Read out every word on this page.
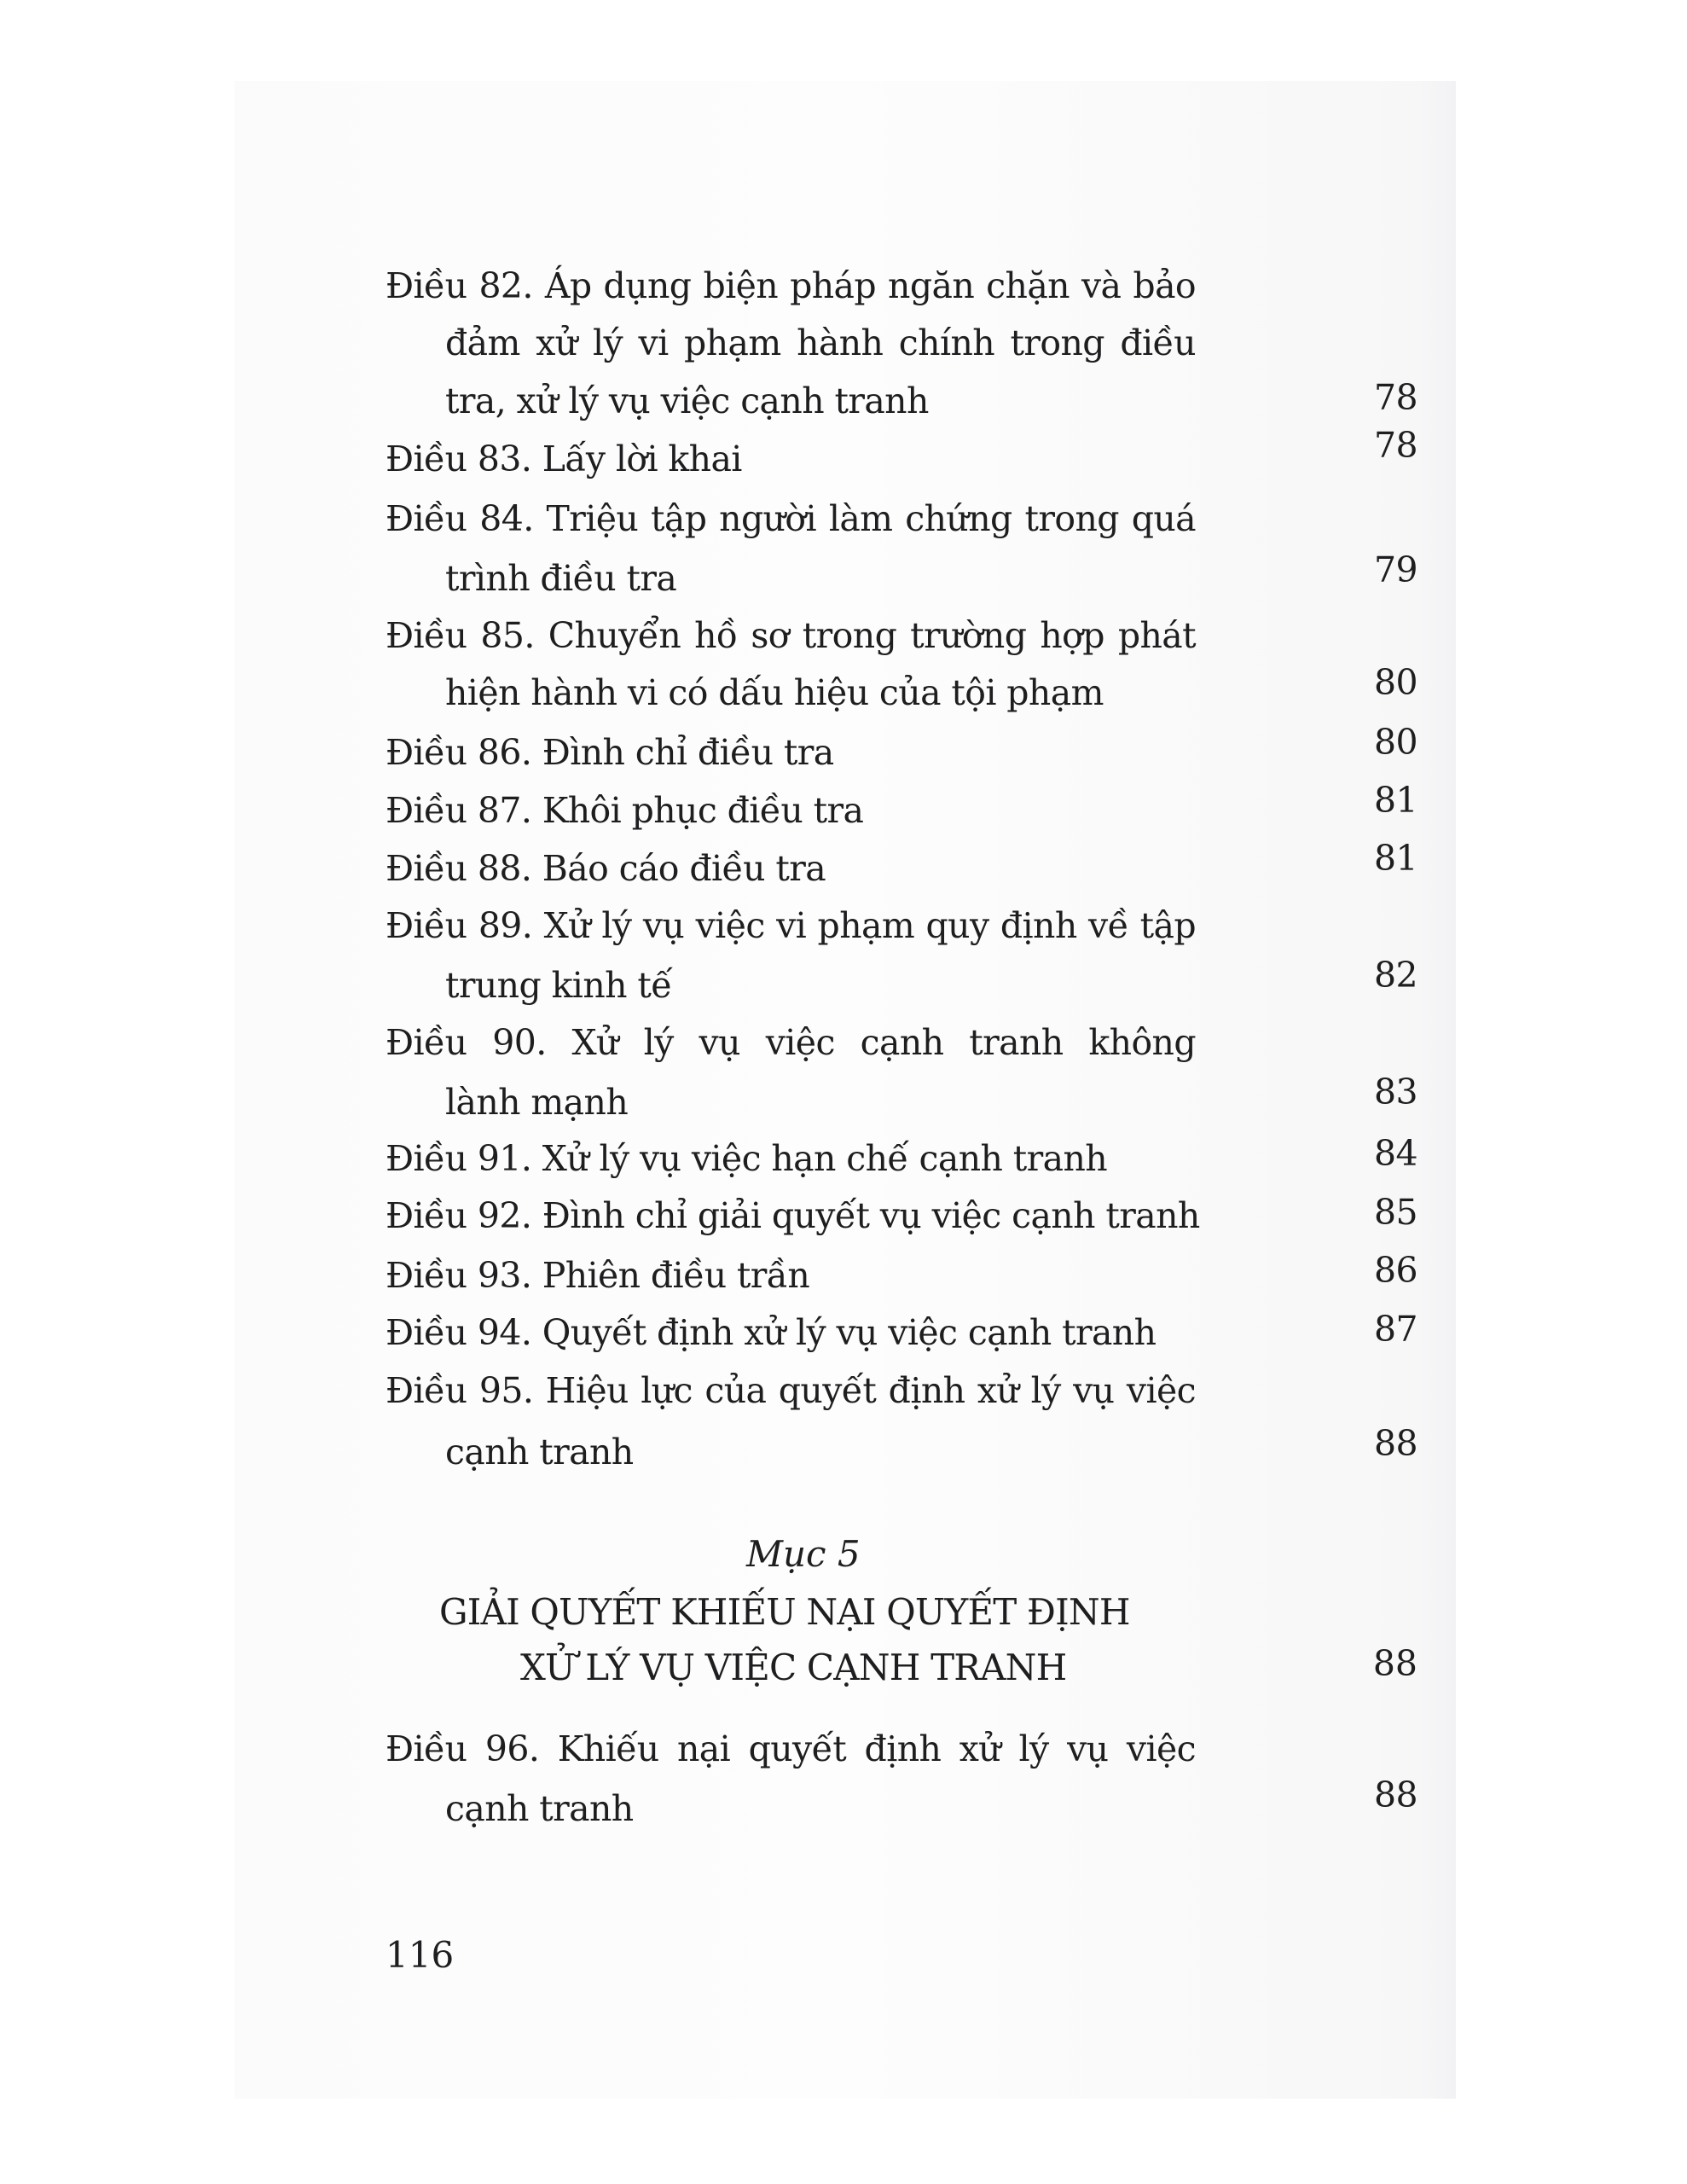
Điều 82. Áp dụng biện pháp ngăn chặn và bảo
đảm xử lý vi phạm hành chính trong điều
tra, xử lý vụ việc cạnh tranh	78
Điều 83. Lấy lời khai	78
Điều 84. Triệu tập người làm chứng trong quá
trình điều tra	79
Điều 85. Chuyển hồ sơ trong trường hợp phát
hiện hành vi có dấu hiệu của tội phạm	80
Điều 86. Đình chỉ điều tra	80
Điều 87. Khôi phục điều tra	81
Điều 88. Báo cáo điều tra	81
Điều 89. Xử lý vụ việc vi phạm quy định về tập
trung kinh tế	82
Điều 90. Xử lý vụ việc cạnh tranh không
lành mạnh	83
Điều 91. Xử lý vụ việc hạn chế cạnh tranh	84
Điều 92. Đình chỉ giải quyết vụ việc cạnh tranh	85
Điều 93. Phiên điều trần	86
Điều 94. Quyết định xử lý vụ việc cạnh tranh	87
Điều 95. Hiệu lực của quyết định xử lý vụ việc
cạnh tranh	88
Mục 5
GIẢI QUYẾT KHIẾU NẠI QUYẾT ĐỊNH
XỬ LÝ VỤ VIỆC CẠNH TRANH	88
Điều 96. Khiếu nại quyết định xử lý vụ việc
cạnh tranh	88
116
